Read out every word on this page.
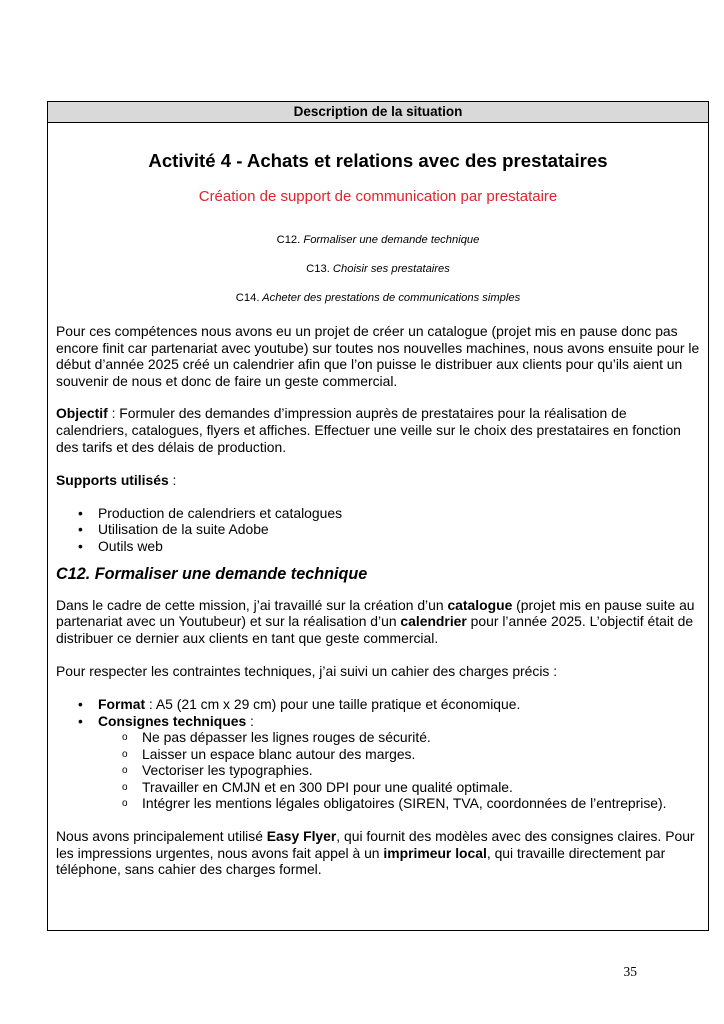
Description de la situation
Activité 4 - Achats et relations avec des prestataires
Création de support de communication par prestataire
C12. Formaliser une demande technique
C13. Choisir ses prestataires
C14. Acheter des prestations de communications simples

Pour ces compétences nous avons eu un projet de créer un catalogue (projet mis en pause donc pas encore finit car partenariat avec youtube) sur toutes nos nouvelles machines, nous avons ensuite pour le début d’année 2025 créé un calendrier afin que l’on puisse le distribuer aux clients pour qu’ils aient un souvenir de nous et donc de faire un geste commercial.

Objectif : Formuler des demandes d’impression auprès de prestataires pour la réalisation de calendriers, catalogues, flyers et affiches. Effectuer une veille sur le choix des prestataires en fonction des tarifs et des délais de production.

Supports utilisés :

• Production de calendriers et catalogues
• Utilisation de la suite Adobe
• Outils web
C12. Formaliser une demande technique

Dans le cadre de cette mission, j’ai travaillé sur la création d’un catalogue (projet mis en pause suite au partenariat avec un Youtubeur) et sur la réalisation d’un calendrier pour l’année 2025. L’objectif était de distribuer ce dernier aux clients en tant que geste commercial.

Pour respecter les contraintes techniques, j’ai suivi un cahier des charges précis :

• Format : A5 (21 cm x 29 cm) pour une taille pratique et économique.
• Consignes techniques :
o Ne pas dépasser les lignes rouges de sécurité.
o Laisser un espace blanc autour des marges.
o Vectoriser les typographies.
o Travailler en CMJN et en 300 DPI pour une qualité optimale.
o Intégrer les mentions légales obligatoires (SIREN, TVA, coordonnées de l’entreprise).

Nous avons principalement utilisé Easy Flyer, qui fournit des modèles avec des consignes claires. Pour les impressions urgentes, nous avons fait appel à un imprimeur local, qui travaille directement par téléphone, sans cahier des charges formel.

35
